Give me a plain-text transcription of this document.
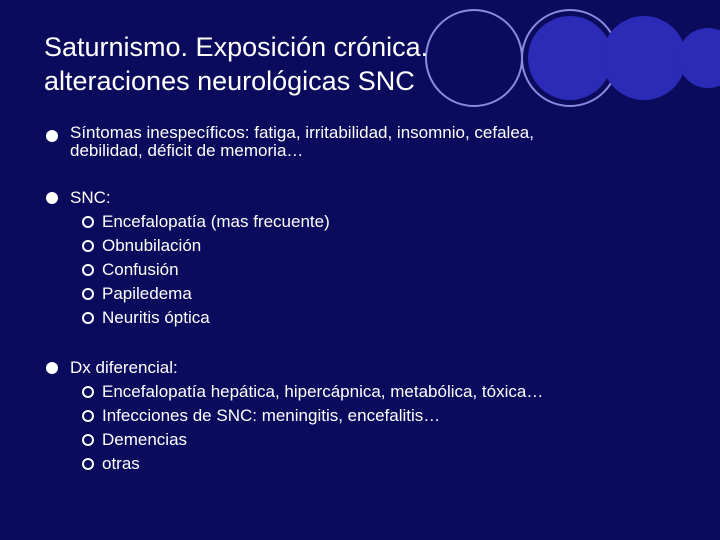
Saturnismo. Exposición crónica.
alteraciones neurológicas SNC
Síntomas inespecíficos: fatiga, irritabilidad, insomnio, cefalea,
debilidad, déficit de memoria…
SNC:
Encefalopatía (mas frecuente)
Obnubilación
Confusión
Papiledema
Neuritis óptica
Dx diferencial:
Encefalopatía hepática, hipercápnica, metabólica, tóxica…
Infecciones de SNC: meningitis, encefalitis…
Demencias
otras
